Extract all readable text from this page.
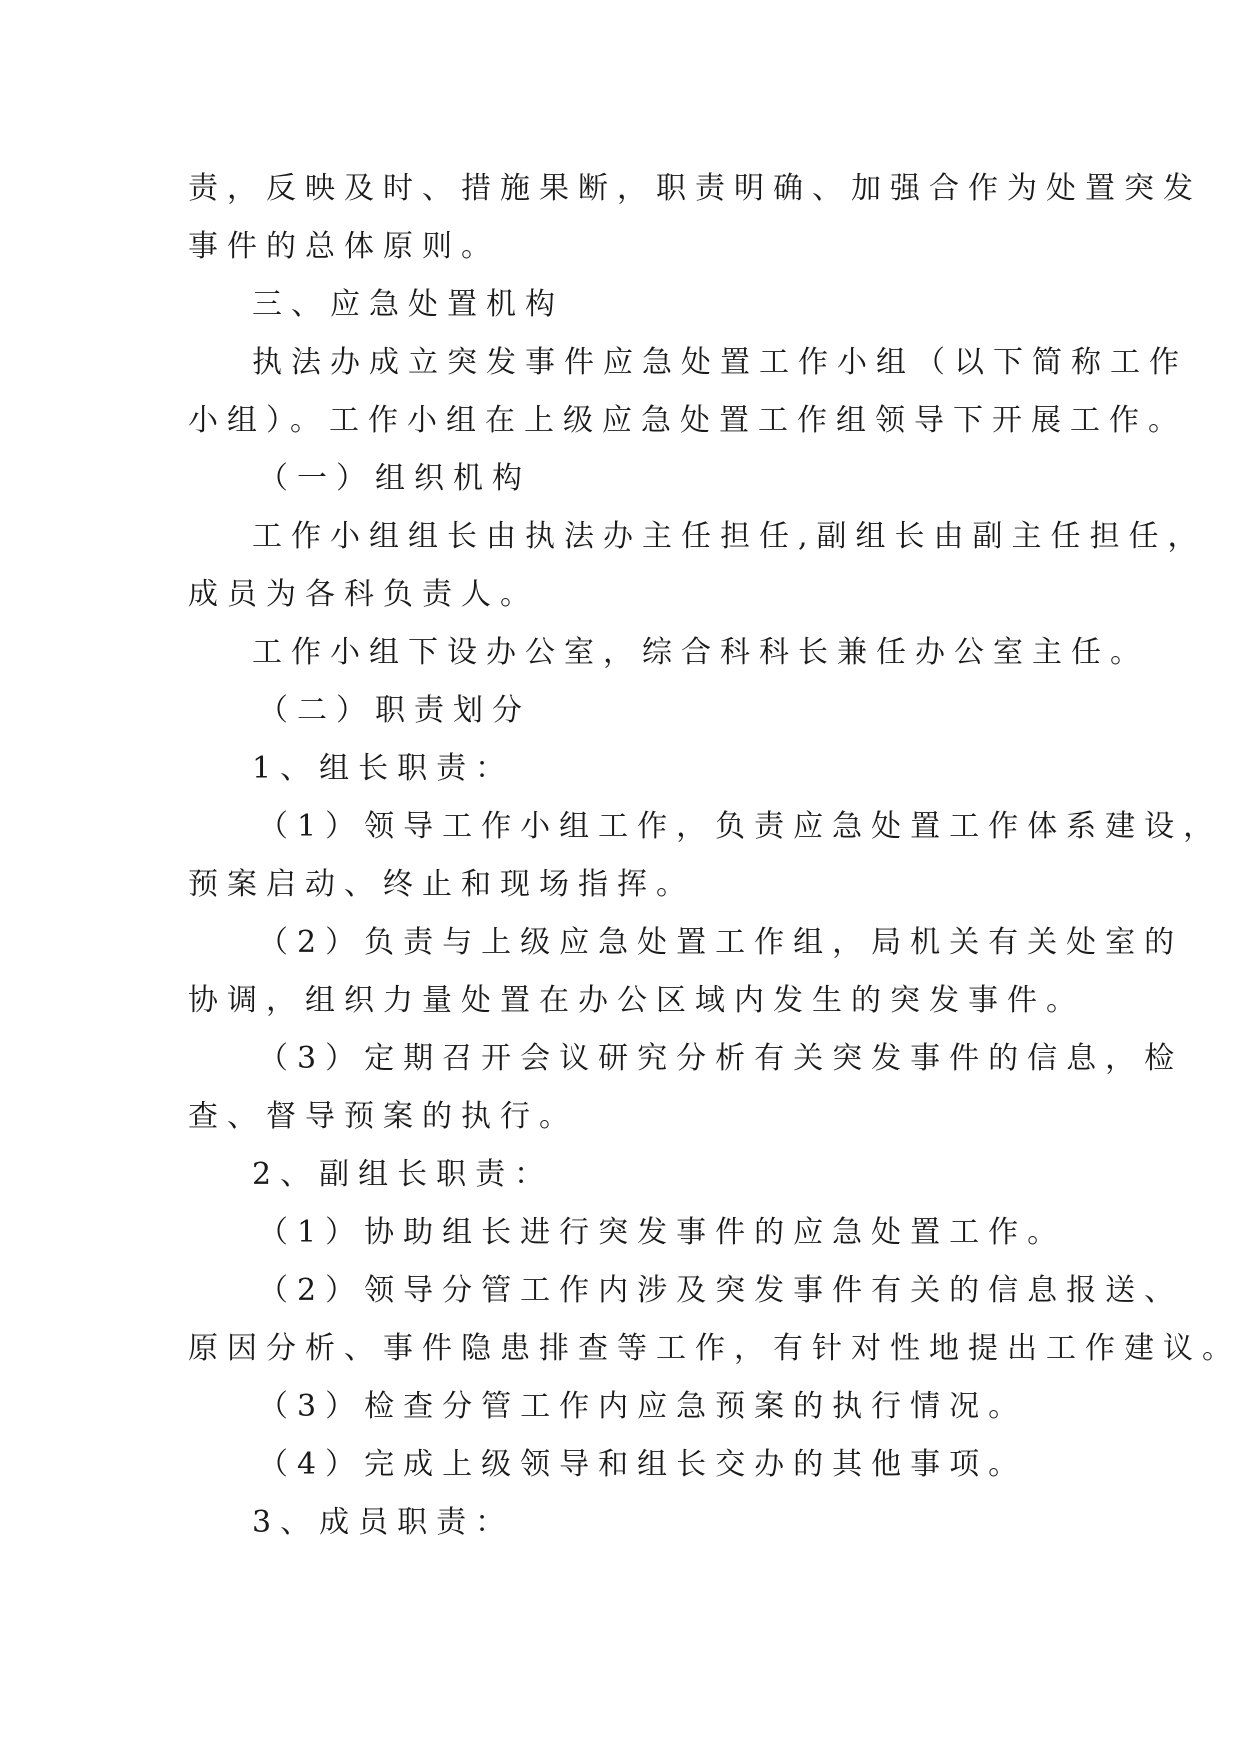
责，反映及时、措施果断，职责明确、加强合作为处置突发
事件的总体原则。
三、应急处置机构
执法办成立突发事件应急处置工作小组（以下简称工作
小组）。工作小组在上级应急处置工作组领导下开展工作。
（一）组织机构
工作小组组长由执法办主任担任,副组长由副主任担任，
成员为各科负责人。
工作小组下设办公室，综合科科长兼任办公室主任。
（二）职责划分
1、组长职责：
（1）领导工作小组工作，负责应急处置工作体系建设，
预案启动、终止和现场指挥。
（2）负责与上级应急处置工作组，局机关有关处室的
协调，组织力量处置在办公区域内发生的突发事件。
（3）定期召开会议研究分析有关突发事件的信息，检
查、督导预案的执行。
2、副组长职责：
（1）协助组长进行突发事件的应急处置工作。
（2）领导分管工作内涉及突发事件有关的信息报送、
原因分析、事件隐患排查等工作，有针对性地提出工作建议。
（3）检查分管工作内应急预案的执行情况。
（4）完成上级领导和组长交办的其他事项。
3、成员职责：
